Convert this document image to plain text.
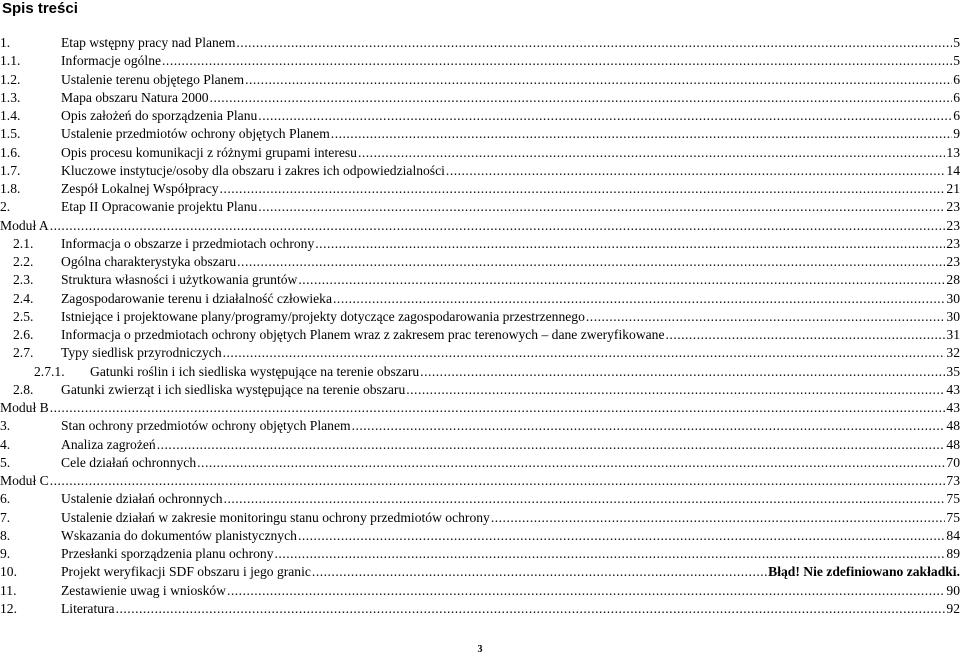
Spis treści
1.	Etap wstępny pracy nad Planem .....	5
1.1.	Informacje ogólne .....	5
1.2.	Ustalenie terenu objętego Planem .....	6
1.3.	Mapa obszaru Natura 2000 .....	6
1.4.	Opis założeń do sporządzenia Planu .....	6
1.5.	Ustalenie przedmiotów ochrony objętych Planem .....	9
1.6.	Opis procesu komunikacji z różnymi grupami interesu .....	13
1.7.	Kluczowe instytucje/osoby dla obszaru i zakres ich odpowiedzialności .....	14
1.8.	Zespół Lokalnej Współpracy .....	21
2.	Etap II Opracowanie projektu Planu .....	23
Moduł A .....	23
2.1. Informacja o obszarze i przedmiotach ochrony .....	23
2.2. Ogólna charakterystyka obszaru .....	23
2.3. Struktura własności i użytkowania gruntów .....	28
2.4. Zagospodarowanie terenu i działalność człowieka .....	30
2.5. Istniejące i projektowane plany/programy/projekty dotyczące zagospodarowania przestrzennego .....	30
2.6. Informacja o przedmiotach ochrony objętych Planem wraz z zakresem prac terenowych – dane zweryfikowane .....	31
2.7. Typy siedlisk przyrodniczych .....	32
2.7.1. Gatunki roślin i ich siedliska występujące na terenie obszaru .....	35
2.8. Gatunki zwierząt i ich siedliska występujące na terenie obszaru .....	43
Moduł B .....	43
3.	Stan ochrony przedmiotów ochrony objętych Planem .....	48
4.	Analiza zagrożeń .....	48
5.	Cele działań ochronnych .....	70
Moduł C .....	73
6.	Ustalenie działań ochronnych .....	75
7.	Ustalenie działań w zakresie monitoringu stanu ochrony przedmiotów ochrony .....	75
8.	Wskazania do dokumentów planistycznych .....	84
9.	Przesłanki sporządzenia planu ochrony .....	89
10.	Projekt weryfikacji SDF obszaru i jego granic .....	Błąd! Nie zdefiniowano zakładki.
11.	Zestawienie uwag i wniosków .....	90
12.	Literatura .....	92
3
